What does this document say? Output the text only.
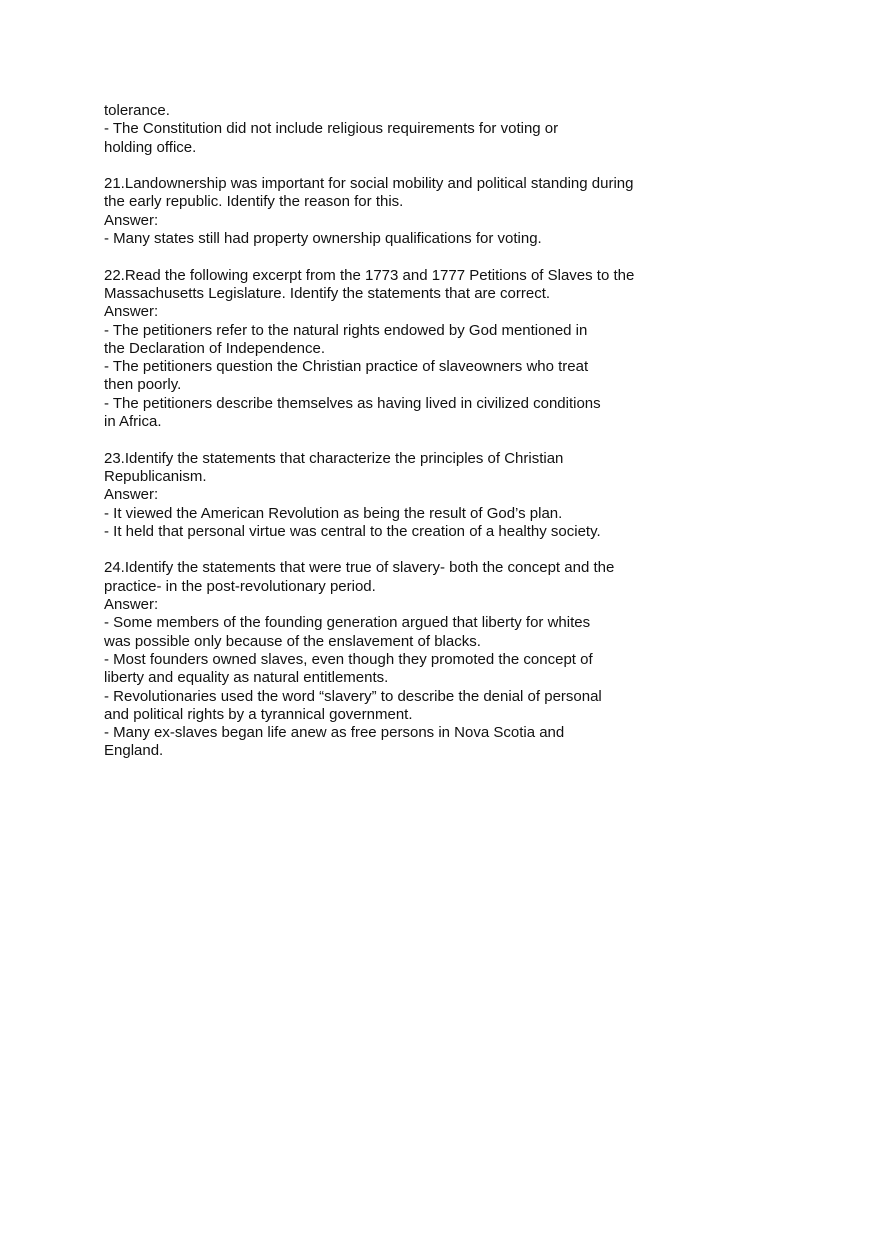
tolerance.
- The Constitution did not include religious requirements for voting or
holding office.
21.Landownership was important for social mobility and political standing during
the early republic. Identify the reason for this.
Answer:
- Many states still had property ownership qualifications for voting.
22.Read the following excerpt from the 1773 and 1777 Petitions of Slaves to the
Massachusetts Legislature. Identify the statements that are correct.
Answer:
- The petitioners refer to the natural rights endowed by God mentioned in
the Declaration of Independence.
- The petitioners question the Christian practice of slaveowners who treat
then poorly.
- The petitioners describe themselves as having lived in civilized conditions
in Africa.
23.Identify the statements that characterize the principles of Christian
Republicanism.
Answer:
- It viewed the American Revolution as being the result of God’s plan.
- It held that personal virtue was central to the creation of a healthy society.
24.Identify the statements that were true of slavery- both the concept and the
practice- in the post-revolutionary period.
Answer:
- Some members of the founding generation argued that liberty for whites
was possible only because of the enslavement of blacks.
- Most founders owned slaves, even though they promoted the concept of
liberty and equality as natural entitlements.
- Revolutionaries used the word “slavery” to describe the denial of personal
and political rights by a tyrannical government.
- Many ex-slaves began life anew as free persons in Nova Scotia and
England.
